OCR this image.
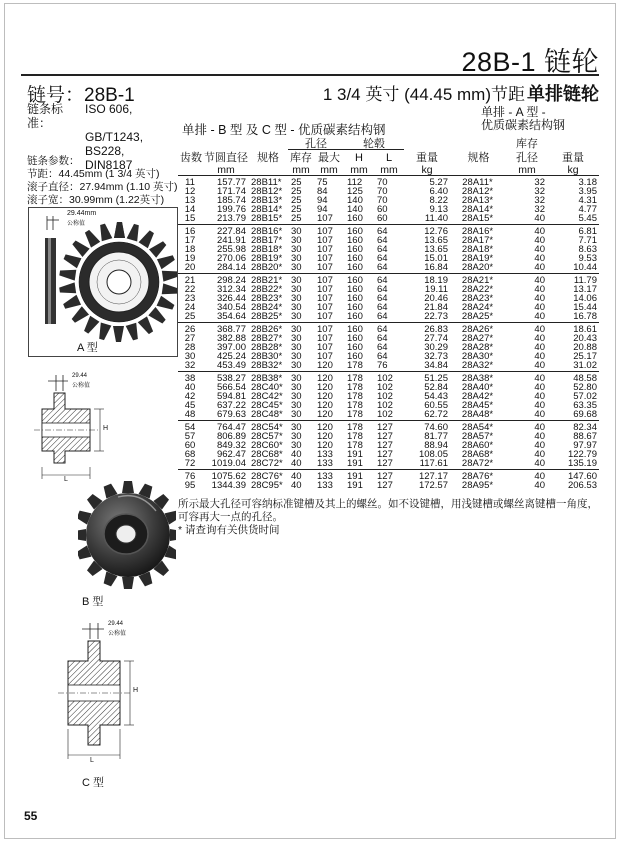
28B-1 链轮
链号：28B-1	1 3/4 英寸 (44.45 mm)节距 单排链轮
链条标准：
ISO 606,
GB/T1243,
BS228,
DIN8187
链条参数：
节距：44.45mm (1 3/4 英寸)
滚子直径：27.94mm (1.10 英寸)
滚子宽：30.99mm (1.22英寸)
29.44mm
公称值
A 型
29.44
公称值
H
L
B 型
29.44
公称值
H
L
C 型
单排 - B 型 及 C 型 - 优质碳素结构钢
单排 - A 型 -
优质碳素结构钢
齿数	节圆直径	规格	孔径		轮毂		重量	规格	库存	重量
			库存	最大	H	L			孔径	
	mm		mm	mm	mm	mm	kg		mm	kg
11	157.77	28B11*	25	75	112	70	5.27	28A11*	32	3.18
12	171.74	28B12*	25	84	125	70	6.40	28A12*	32	3.95
13	185.74	28B13*	25	94	140	70	8.22	28A13*	32	4.31
14	199.76	28B14*	25	94	140	60	9.13	28A14*	32	4.77
15	213.79	28B15*	25	107	160	60	11.40	28A15*	40	5.45
16	227.84	28B16*	30	107	160	64	12.76	28A16*	40	6.81
17	241.91	28B17*	30	107	160	64	13.65	28A17*	40	7.71
18	255.98	28B18*	30	107	160	64	13.65	28A18*	40	8.63
19	270.06	28B19*	30	107	160	64	15.01	28A19*	40	9.53
20	284.14	28B20*	30	107	160	64	16.84	28A20*	40	10.44
21	298.24	28B21*	30	107	160	64	18.19	28A21*	40	11.79
22	312.34	28B22*	30	107	160	64	19.11	28A22*	40	13.17
23	326.44	28B23*	30	107	160	64	20.46	28A23*	40	14.06
24	340.54	28B24*	30	107	160	64	21.84	28A24*	40	15.44
25	354.64	28B25*	30	107	160	64	22.73	28A25*	40	16.78
26	368.77	28B26*	30	107	160	64	26.83	28A26*	40	18.61
27	382.88	28B27*	30	107	160	64	27.74	28A27*	40	20.43
28	397.00	28B28*	30	107	160	64	30.29	28A28*	40	20.88
30	425.24	28B30*	30	107	160	64	32.73	28A30*	40	25.17
32	453.49	28B32*	30	120	178	76	34.84	28A32*	40	31.02
38	538.27	28B38*	30	120	178	102	51.25	28A38*	40	48.58
40	566.54	28C40*	30	120	178	102	52.84	28A40*	40	52.80
42	594.81	28C42*	30	120	178	102	54.43	28A42*	40	57.02
45	637.22	28C45*	30	120	178	102	60.55	28A45*	40	63.35
48	679.63	28C48*	30	120	178	102	62.72	28A48*	40	69.68
54	764.47	28C54*	30	120	178	127	74.60	28A54*	40	82.34
57	806.89	28C57*	30	120	178	127	81.77	28A57*	40	88.67
60	849.32	28C60*	30	120	178	127	88.94	28A60*	40	97.97
68	962.47	28C68*	40	133	191	127	108.05	28A68*	40	122.79
72	1019.04	28C72*	40	133	191	127	117.61	28A72*	40	135.19
76	1075.62	28C76*	40	133	191	127	127.17	28A76*	40	147.60
95	1344.39	28C95*	40	133	191	127	172.57	28A95*	40	206.53
所示最大孔径可容纳标准键槽及其上的螺丝。如不设键槽，用浅键槽或螺丝离键槽一角度，
可容再大一点的孔径。
* 请查询有关供货时间
55
